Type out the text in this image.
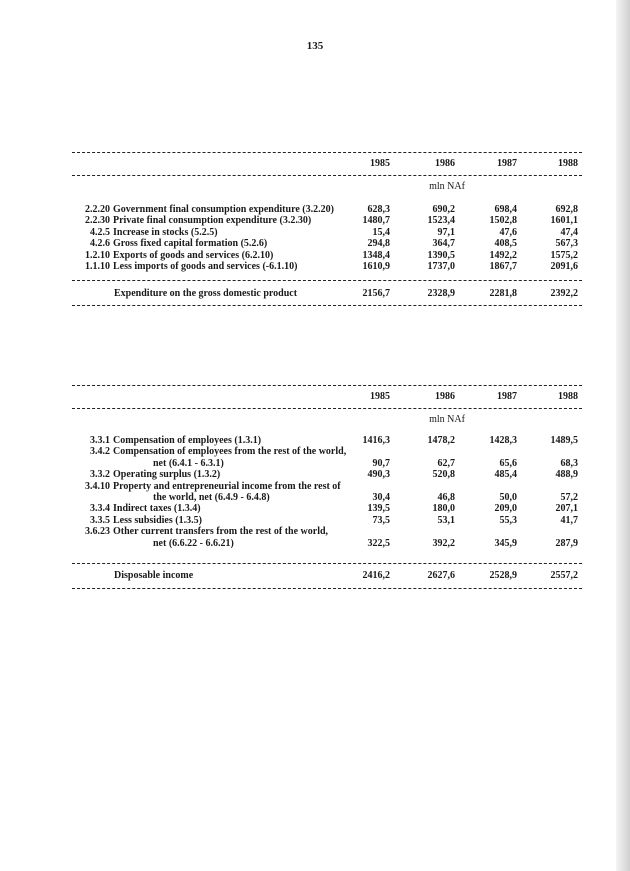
135
1985	1986	1987	1988
mln NAf
2.2.20 Government final consumption expenditure (3.2.20)	628,3	690,2	698,4	692,8
2.2.30 Private final consumption expenditure (3.2.30)	1480,7	1523,4	1502,8	1601,1
4.2.5 Increase in stocks (5.2.5)	15,4	97,1	47,6	47,4
4.2.6 Gross fixed capital formation (5.2.6)	294,8	364,7	408,5	567,3
1.2.10 Exports of goods and services (6.2.10)	1348,4	1390,5	1492,2	1575,2
1.1.10 Less imports of goods and services (-6.1.10)	1610,9	1737,0	1867,7	2091,6
Expenditure on the gross domestic product	2156,7	2328,9	2281,8	2392,2
1985	1986	1987	1988
mln NAf
3.3.1 Compensation of employees (1.3.1)	1416,3	1478,2	1428,3	1489,5
3.4.2 Compensation of employees from the rest of the world,
net (6.4.1 - 6.3.1)	90,7	62,7	65,6	68,3
3.3.2 Operating surplus (1.3.2)	490,3	520,8	485,4	488,9
3.4.10 Property and entrepreneurial income from the rest of
the world, net (6.4.9 - 6.4.8)	30,4	46,8	50,0	57,2
3.3.4 Indirect taxes (1.3.4)	139,5	180,0	209,0	207,1
3.3.5 Less subsidies (1.3.5)	73,5	53,1	55,3	41,7
3.6.23 Other current transfers from the rest of the world,
net (6.6.22 - 6.6.21)	322,5	392,2	345,9	287,9
Disposable income	2416,2	2627,6	2528,9	2557,2
